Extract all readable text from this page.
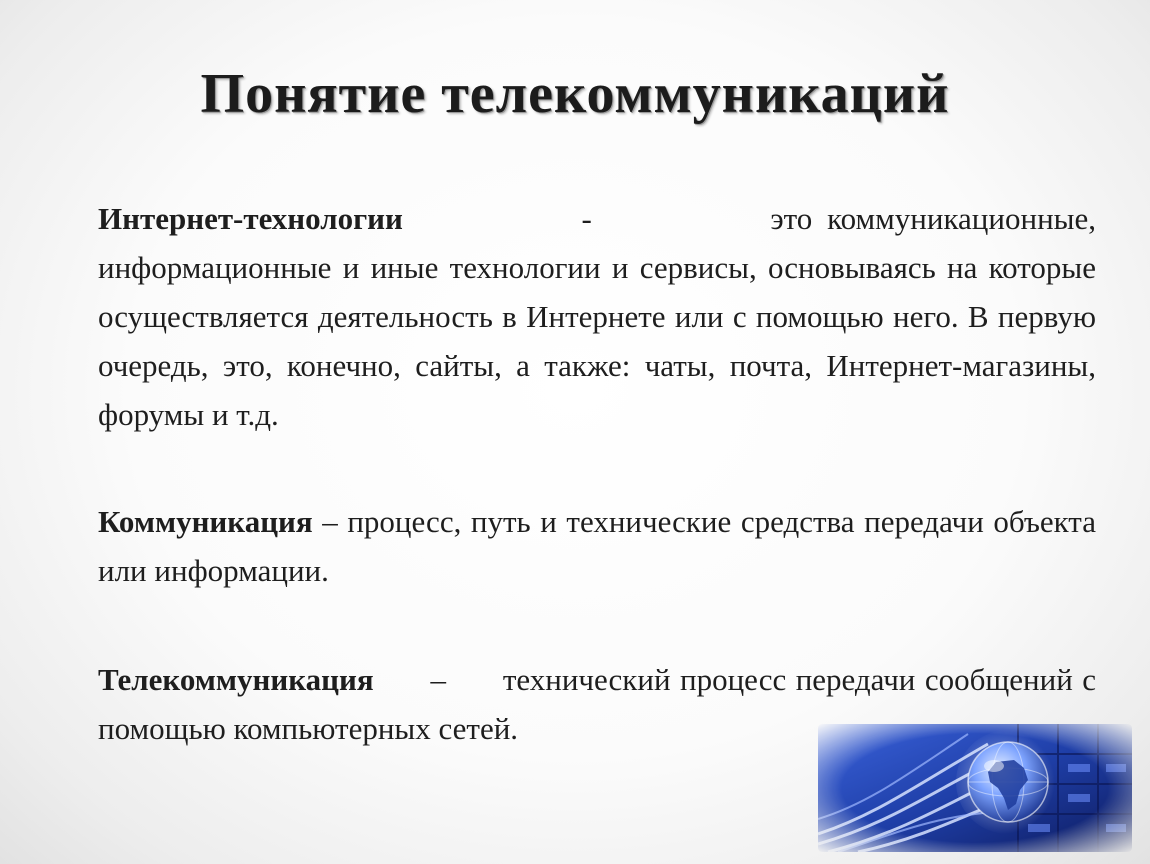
Понятие телекоммуникаций
Интернет-технологии	-	это коммуникационные, информационные и иные технологии и сервисы, основываясь на которые осуществляется деятельность в Интернете или с помощью него. В первую очередь, это, конечно, сайты, а также: чаты, почта, Интернет-магазины, форумы и т.д.
Коммуникация – процесс, путь и технические средства передачи объекта или информации.
Телекоммуникация – технический процесс передачи сообщений с помощью компьютерных сетей.
